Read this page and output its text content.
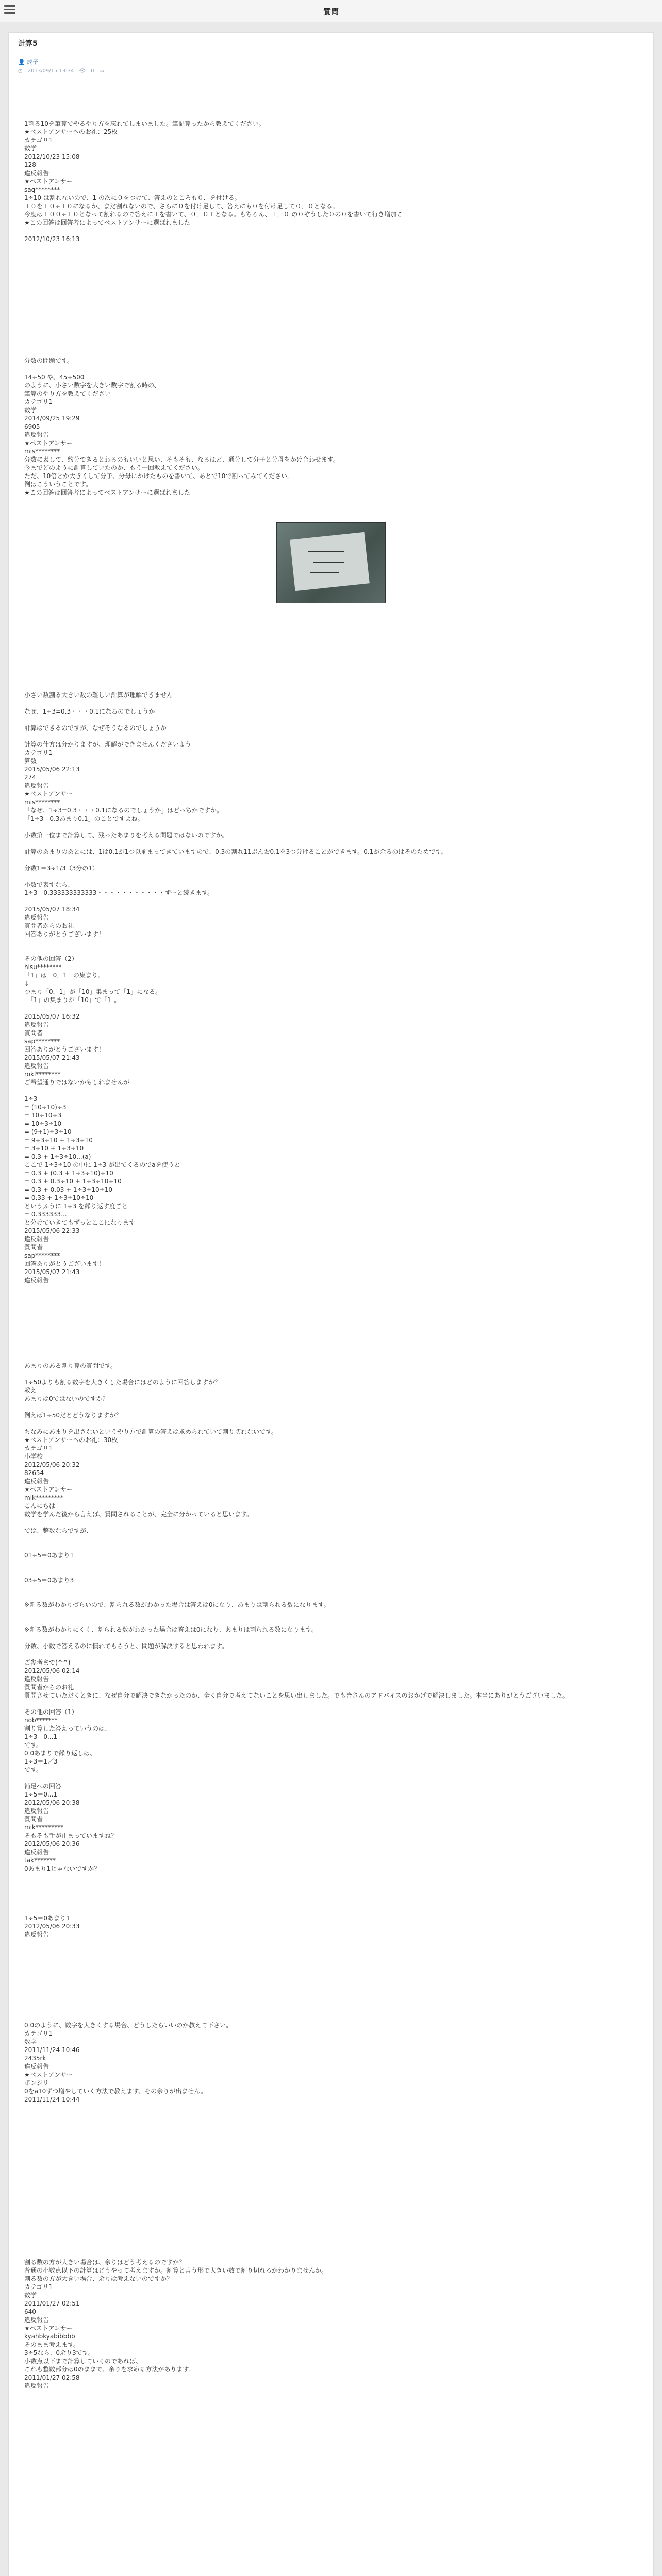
質問
計算5
👤 成子
◷ 2013/09/15 13:34 👁 0 ▭

1割る10を筆算でやるやり方を忘れてしまいました。筆記算ったから教えてください。
★ベストアンサーへのお礼：25枚
カテゴリ1
数学
2012/10/23 15:08
128
違反報告
★ベストアンサー
saq********
1÷10 は割れないので、1 の次に０をつけて、答えのところも０．を付ける。
１０を１０÷１０になるか、まだ割れないので、さらに０を付け足して、答えにも０を付け足して０．０となる。
今度は１００÷１０となって割れるので答えに１を書いて、０．０１となる。もちろん、１．０ の０ぞうした０の０を書いて行き増加こ
★この回答は回答者によってベストアンサーに選ばれました

2012/10/23 16:13

分数の問題です。

14÷50 や、45÷500
のように、小さい数字を大きい数字で割る時の、
筆算のやり方を教えてください
カテゴリ1
数学
2014/09/25 19:29
6905
違反報告
★ベストアンサー
mis********
分数に表して、約分できるとわるのもいいと思い、そもそも、なるほど、通分して分子と分母をかけ合わせます。
今までどのように計算していたのか、もう一回教えてください。
ただ、10倍とか大きくして分子、分母にかけたものを書いて、あとで10で割ってみてください。
例はこういうことです。
★この回答は回答者によってベストアンサーに選ばれました

小さい数割る大きい数の難しい計算が理解できません

なぜ、1÷3=0.3・・・0.1になるのでしょうか

計算はできるのですが、なぜそうなるのでしょうか

計算の仕方は分かりますが、理解ができませんくださいよう
カテゴリ1
算数
2015/05/06 22:13
274
違反報告
★ベストアンサー
mis********
「なぜ、1÷3=0.3・・・0.1になるのでしょうか」はどっちかですか。
「1÷3＝0.3あまり0.1」のことですよね。

小数第一位まで計算して、残ったあまりを考える問題ではないのですか。

計算のあまりのあとには、1は0.1が1つ以前まってきていますので、0.3の割れ11ぶんお0.1を3つ分けることができます。0.1が余るのはそのためです。

分数1＝3÷1/3（3分の1）

小数で表すなら、
1÷3＝0.333333333333・・・・・・・・・・・ずーと続きます。

2015/05/07 18:34
違反報告
質問者からのお礼
回答ありがとうございます！

その他の回答（2）
hisu********
「1」は「0．1」の集まり。
↓
つまり「0．1」が「10」集まって「1」になる。
　「1」の集まりが「10」で「1」。

2015/05/07 16:32
違反報告
質問者
sap********
回答ありがとうございます！
2015/05/07 21:43
違反報告
rokl********
ご希望通りではないかもしれませんが

1÷3
= (10÷10)÷3
= 10÷10÷3
= 10÷3÷10
= (9+1)÷3÷10
= 9÷3÷10 + 1÷3÷10
= 3÷10 + 1÷3÷10
= 0.3 + 1÷3÷10...(a)
ここで 1÷3÷10 の中に 1÷3 が出てくるのでaを使うと
= 0.3 + (0.3 + 1÷3÷10)÷10
= 0.3 + 0.3÷10 + 1÷3÷10÷10
= 0.3 + 0.03 + 1÷3÷10÷10
= 0.33 + 1÷3÷10÷10
というふうに 1÷3 を繰り返す度ごと
= 0.333333...
と分けていきてもずっとここになります
2015/05/06 22:33
違反報告
質問者
sap********
回答ありがとうございます！
2015/05/07 21:43
違反報告

あまりのある割り算の質問です。

1÷50よりも割る数字を大きくした場合にはどのように回答しますか？
教え
あまりは0ではないのですか？

例えば1÷50だとどうなりますか？

ちなみにあまりを出さないというやり方で計算の答えは求められていて割り切れないです。
★ベストアンサーへのお礼：30枚
カテゴリ1
小学校
2012/05/06 20:32
82654
違反報告
★ベストアンサー
mik*********
こんにちは
数学を学んだ後から言えば、質問されることが、完全に分かっていると思います。

では、整数ならですが、

01÷5＝0あまり1

03÷5＝0あまり3

※割る数がわかりづらいので、割られる数がわかった場合は答えは0になり、あまりは割られる数になります。

※割る数がわかりにくく、割られる数がわかった場合は答えは0になり、あまりは割られる数になります。

分数、小数で答えるのに慣れてもらうと、問題が解決すると思われます。

ご参考まで(^^)
2012/05/06 02:14
違反報告
質問者からのお礼
質問させていただくときに、なぜ自分で解決できなかったのか、全く自分で考えてないことを思い出しました。でも皆さんのアドバイスのおかげで解決しました。本当にありがとうございました。

その他の回答（1）
nob*******
割り算した答えっていうのは、
1÷3＝0...1
です。
0.0あまりで繰り返しは、
1÷3＝1／3
です。

補足への回答
1÷5＝0...1
2012/05/06 20:38
違反報告
質問者
mik*********
そもそも手が止まっていますね？
2012/05/06 20:36
違反報告
tak*******
0あまり1じゃないですか？

1÷5＝0あまり1
2012/05/06 20:33
違反報告

0.0のように、数字を大きくする場合、どうしたらいいのか教えて下さい。
カテゴリ1
数学
2011/11/24 10:46
2435rk
違反報告
★ベストアンサー
ポンジリ
0をa10ずつ増やしていく方法で教えます、その余りが出ません。
2011/11/24 10:44

割る数の方が大きい場合は、余りはどう考えるのですか？
普通の小数点以下の計算はどうやって考えますか。割算と言う形で大きい数で割り切れるかわかりませんか。
割る数の方が大きい場合、余りは考えないのですか？
カテゴリ1
数学
2011/01/27 02:51
640
違反報告
★ベストアンサー
kyahbkyabibbbb
そのまま考えます。
3÷5なら、0余り3です。
小数点以下まで計算していくのであれば、
これも整数部分は0のままで、余りを求める方法があります。
2011/01/27 02:58
違反報告
